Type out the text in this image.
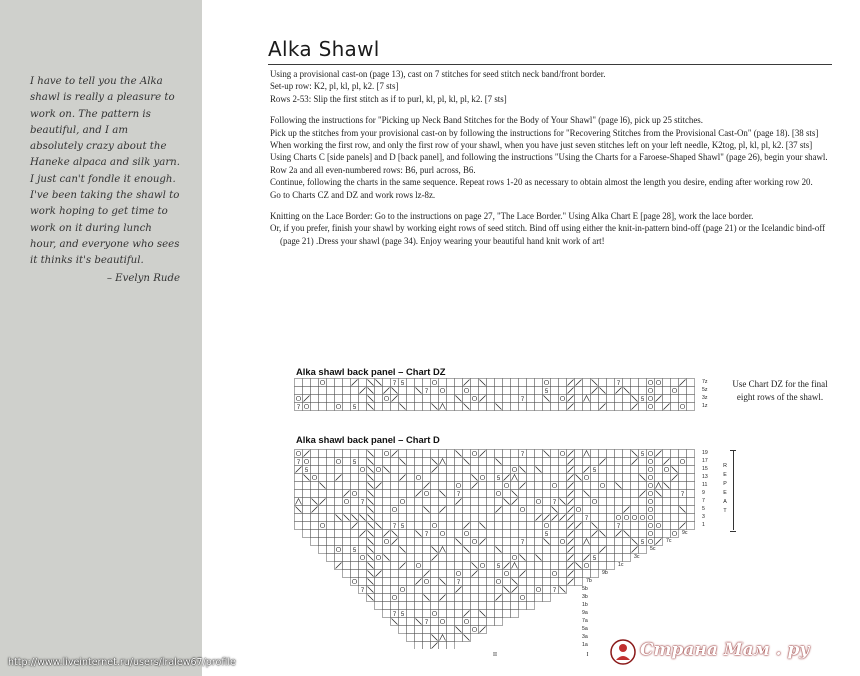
I have to tell you the Alka shawl is really a pleasure to work on. The pattern is beautiful, and I am absolutely crazy about the Haneke alpaca and silk yarn. I just can't fondle it enough. I've been taking the shawl to work hoping to get time to work on it during lunch hour, and everyone who sees it thinks it's beautiful.
– Evelyn Rude
Alka Shawl

Using a provisional cast-on (page 13), cast on 7 stitches for seed stitch neck band/front border.

Set-up row: K2, pl, kl, pl, k2. [7 sts]

Rows 2-53: Slip the first stitch as if to purl, kl, pl, kl, pl, k2. [7 sts]

Following the instructions for "Picking up Neck Band Stitches for the Body of Your Shawl" (page l6), pick up 25 stitches.

Pick up the stitches from your provisional cast-on by following the instructions for "Recovering Stitches from the Provisional Cast-On" (page 18). [38 sts]

When working the first row, and only the first row of your shawl, when you have just seven stitches left on your left needle, K2tog, pl, kl, pl, k2. [37 sts]

Using Charts C [side panels] and D [back panel], and following the instructions "Using the Charts for a Faroese-Shaped Shawl" (page 26), begin your shawl.

Row 2a and all even-numbered rows: B6, purl across, B6.

Continue, following the charts in the same sequence. Repeat rows 1-20 as necessary to obtain almost the length you desire, ending after working row 20.

Go to Charts CZ and DZ and work rows lz-8z.

Knitting on the Lace Border: Go to the instructions on page 27, "The Lace Border." Using Alka Chart E [page 28], work the lace border.

Or, if you prefer, finish your shawl by working eight rows of seed stitch. Bind off using either the knit-in-pattern bind-off (page 21) or the Icelandic bind-off (page 21) .Dress your shawl (page 34). Enjoy wearing your beautiful hand knit work of art!

Alka shawl back panel – Chart DZ
7 5	7
7	5
7	5
7	5
7z
5z
3z
1z
Use Chart DZ for the final eight rows of the shawl.
Alka shawl back panel – Chart D
7	5
7	5
5	5
5
7	7
7	7
7
7 5	7
7	5
7	5
5
5
5
7
7	7
7 5
7
19
17
15
13
11
9
7
5
3
1
9c
7c
5c
3c
1c
9b
7b
5b
3b
1b
9a
7a
5a
3a
1a
R
E
P
E
A
T
II	I
http://www.liveinternet.ru/users/lralew67/profile
Страна Мам . ру
